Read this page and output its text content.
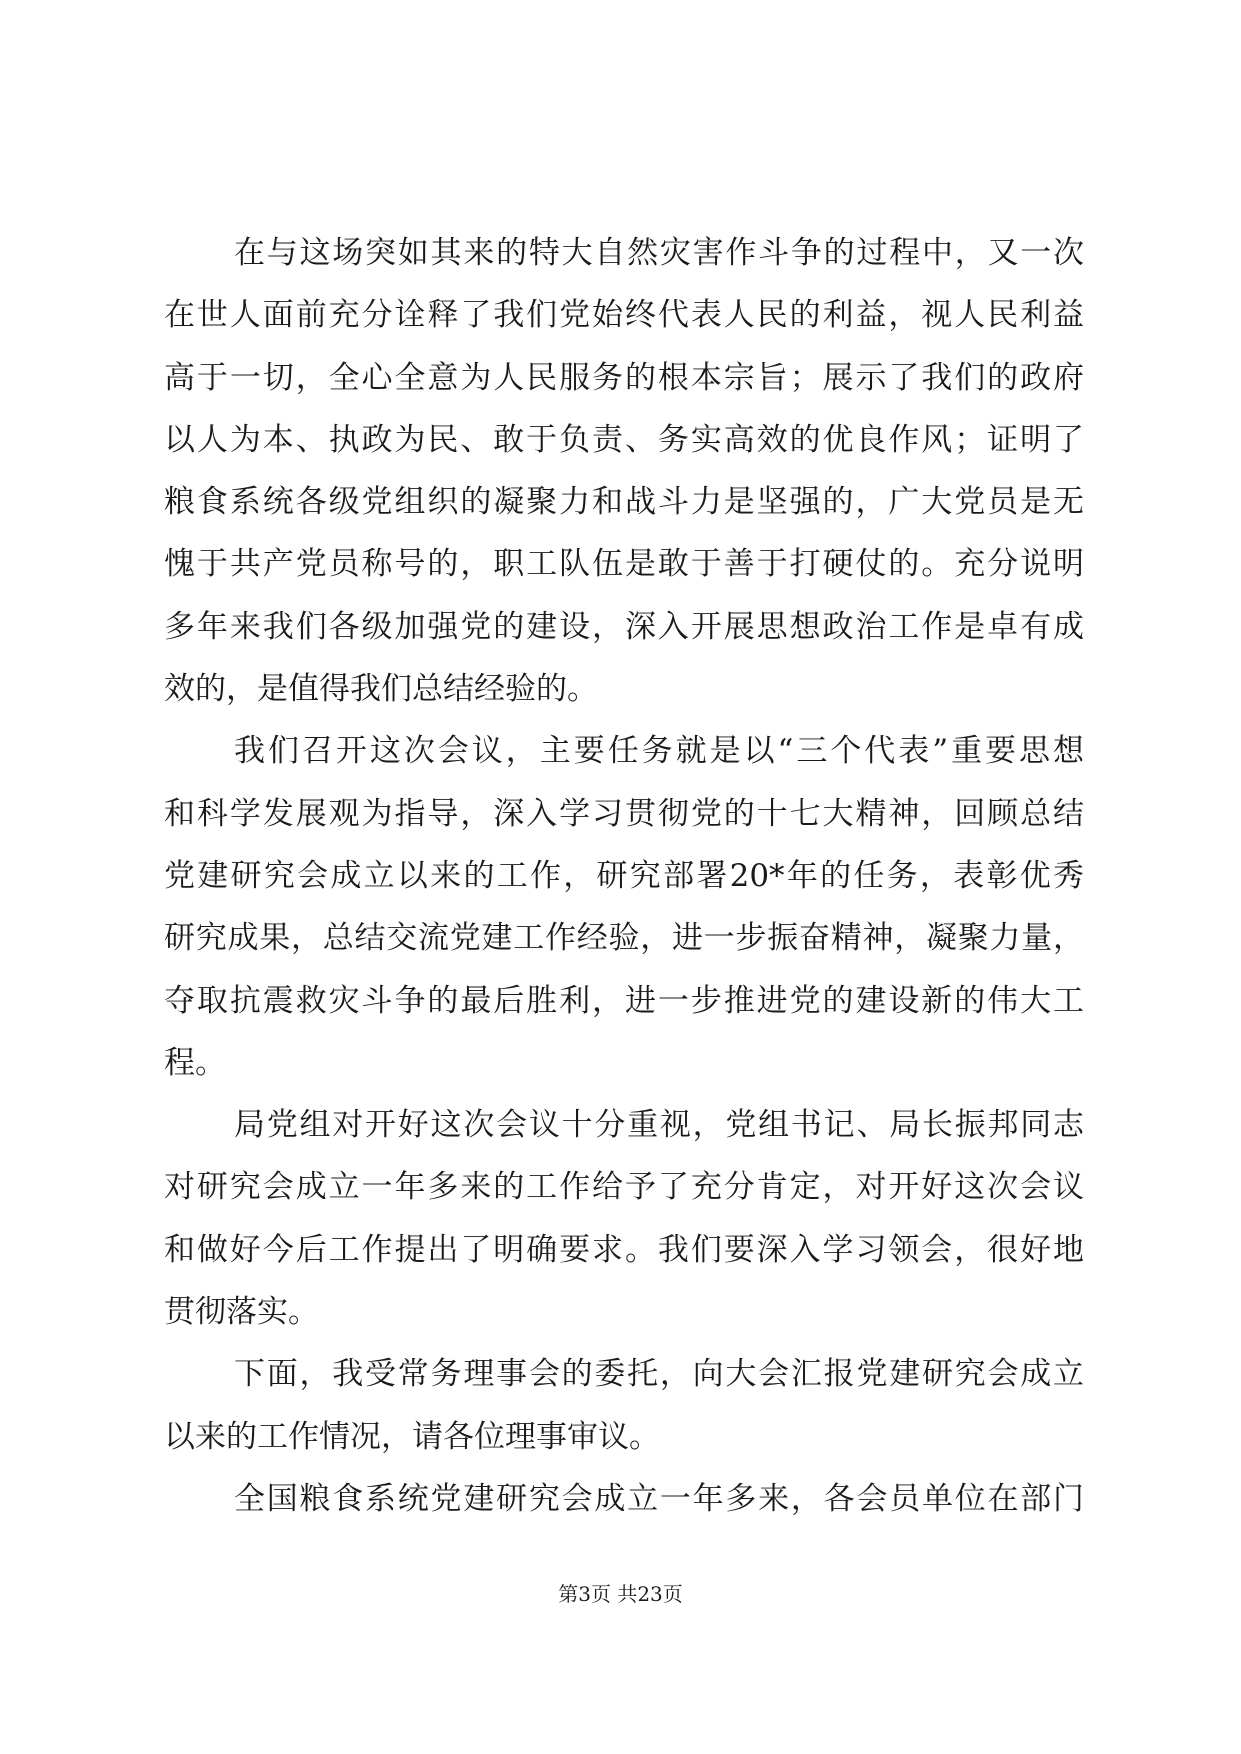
在与这场突如其来的特大自然灾害作斗争的过程中，又一次
在世人面前充分诠释了我们党始终代表人民的利益，视人民利益
高于一切，全心全意为人民服务的根本宗旨；展示了我们的政府
以人为本、执政为民、敢于负责、务实高效的优良作风；证明了
粮食系统各级党组织的凝聚力和战斗力是坚强的，广大党员是无
愧于共产党员称号的，职工队伍是敢于善于打硬仗的。充分说明
多年来我们各级加强党的建设，深入开展思想政治工作是卓有成
效的，是值得我们总结经验的。
我们召开这次会议，主要任务就是以“三个代表”重要思想
和科学发展观为指导，深入学习贯彻党的十七大精神，回顾总结
党建研究会成立以来的工作，研究部署20*年的任务，表彰优秀
研究成果，总结交流党建工作经验，进一步振奋精神，凝聚力量，
夺取抗震救灾斗争的最后胜利，进一步推进党的建设新的伟大工
程。
局党组对开好这次会议十分重视，党组书记、局长振邦同志
对研究会成立一年多来的工作给予了充分肯定，对开好这次会议
和做好今后工作提出了明确要求。我们要深入学习领会，很好地
贯彻落实。
下面，我受常务理事会的委托，向大会汇报党建研究会成立
以来的工作情况，请各位理事审议。
全国粮食系统党建研究会成立一年多来，各会员单位在部门
第3页 共23页
